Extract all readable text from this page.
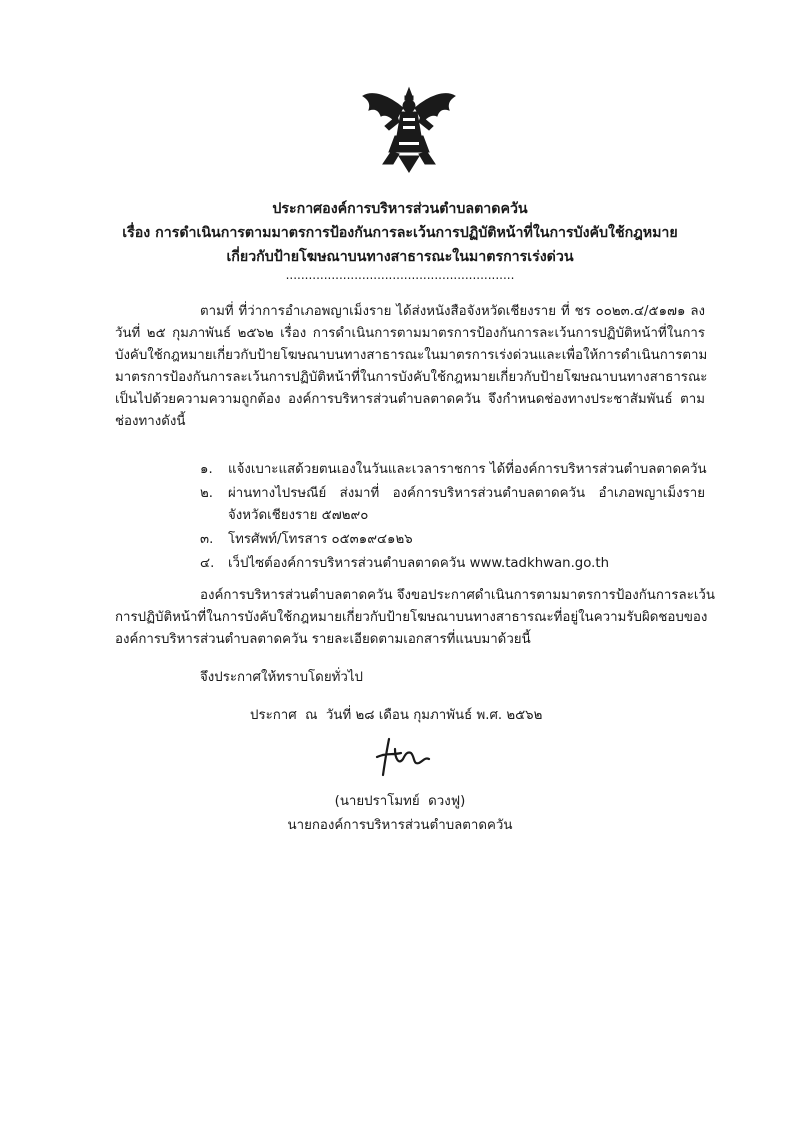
ประกาศองค์การบริหารส่วนตำบลตาดควัน
เรื่อง การดำเนินการตามมาตรการป้องกันการละเว้นการปฏิบัติหน้าที่ในการบังคับใช้กฎหมาย
เกี่ยวกับป้ายโฆษณาบนทางสาธารณะในมาตรการเร่งด่วน
............................................................
ตามที่ ที่ว่าการอำเภอพญาเม็งราย ได้ส่งหนังสือจังหวัดเชียงราย ที่ ชร ๐๐๒๓.๔/๕๑๗๑ ลง
วันที่ ๒๕ กุมภาพันธ์ ๒๕๖๒ เรื่อง การดำเนินการตามมาตรการป้องกันการละเว้นการปฏิบัติหน้าที่ในการ
บังคับใช้กฎหมายเกี่ยวกับป้ายโฆษณาบนทางสาธารณะในมาตรการเร่งด่วนและเพื่อให้การดำเนินการตาม
มาตรการป้องกันการละเว้นการปฏิบัติหน้าที่ในการบังคับใช้กฎหมายเกี่ยวกับป้ายโฆษณาบนทางสาธารณะ
เป็นไปด้วยความความถูกต้อง องค์การบริหารส่วนตำบลตาดควัน จึงกำหนดช่องทางประชาสัมพันธ์ ตาม
ช่องทางดังนี้
๑. แจ้งเบาะแสด้วยตนเองในวันและเวลาราชการ ได้ที่องค์การบริหารส่วนตำบลตาดควัน
๒. ผ่านทางไปรษณีย์ ส่งมาที่ องค์การบริหารส่วนตำบลตาดควัน อำเภอพญาเม็งราย
จังหวัดเชียงราย ๕๗๒๙๐
๓. โทรศัพท์/โทรสาร ๐๕๓๑๙๔๑๒๖
๔. เว็ปไซต์องค์การบริหารส่วนตำบลตาดควัน www.tadkhwan.go.th
องค์การบริหารส่วนตำบลตาดควัน จึงขอประกาศดำเนินการตามมาตรการป้องกันการละเว้น
การปฏิบัติหน้าที่ในการบังคับใช้กฎหมายเกี่ยวกับป้ายโฆษณาบนทางสาธารณะที่อยู่ในความรับผิดชอบของ
องค์การบริหารส่วนตำบลตาดควัน รายละเอียดตามเอกสารที่แนบมาด้วยนี้
จึงประกาศให้ทราบโดยทั่วไป
ประกาศ  ณ  วันที่ ๒๘ เดือน กุมภาพันธ์ พ.ศ. ๒๕๖๒
(นายปราโมทย์  ดวงฟู)
นายกองค์การบริหารส่วนตำบลตาดควัน
